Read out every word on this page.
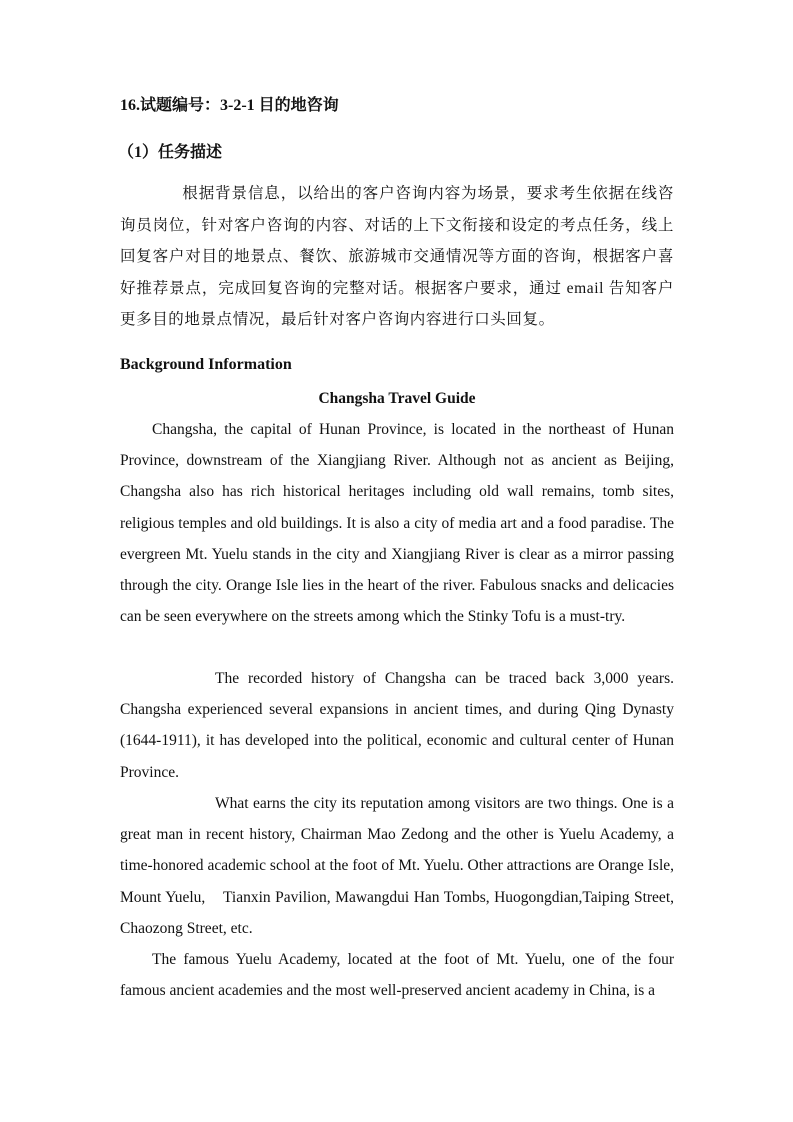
16.试题编号：3-2-1 目的地咨询
（1）任务描述
根据背景信息，以给出的客户咨询内容为场景，要求考生依据在线咨询员岗位，针对客户咨询的内容、对话的上下文衔接和设定的考点任务，线上回复客户对目的地景点、餐饮、旅游城市交通情况等方面的咨询，根据客户喜好推荐景点，完成回复咨询的完整对话。根据客户要求，通过 email 告知客户更多目的地景点情况，最后针对客户咨询内容进行口头回复。
Background Information
Changsha Travel Guide
Changsha, the capital of Hunan Province, is located in the northeast of Hunan Province, downstream of the Xiangjiang River. Although not as ancient as Beijing, Changsha also has rich historical heritages including old wall remains, tomb sites, religious temples and old buildings. It is also a city of media art and a food paradise. The evergreen Mt. Yuelu stands in the city and Xiangjiang River is clear as a mirror passing through the city. Orange Isle lies in the heart of the river. Fabulous snacks and delicacies can be seen everywhere on the streets among which the Stinky Tofu is a must-try.
The recorded history of Changsha can be traced back 3,000 years. Changsha experienced several expansions in ancient times, and during Qing Dynasty (1644-1911), it has developed into the political, economic and cultural center of Hunan Province.
What earns the city its reputation among visitors are two things. One is a great man in recent history, Chairman Mao Zedong and the other is Yuelu Academy, a time-honored academic school at the foot of Mt. Yuelu. Other attractions are Orange Isle, Mount Yuelu,    Tianxin Pavilion, Mawangdui Han Tombs, Huogongdian,Taiping Street, Chaozong Street, etc.
The famous Yuelu Academy, located at the foot of Mt. Yuelu, one of the four famous ancient academies and the most well-preserved ancient academy in China, is a
